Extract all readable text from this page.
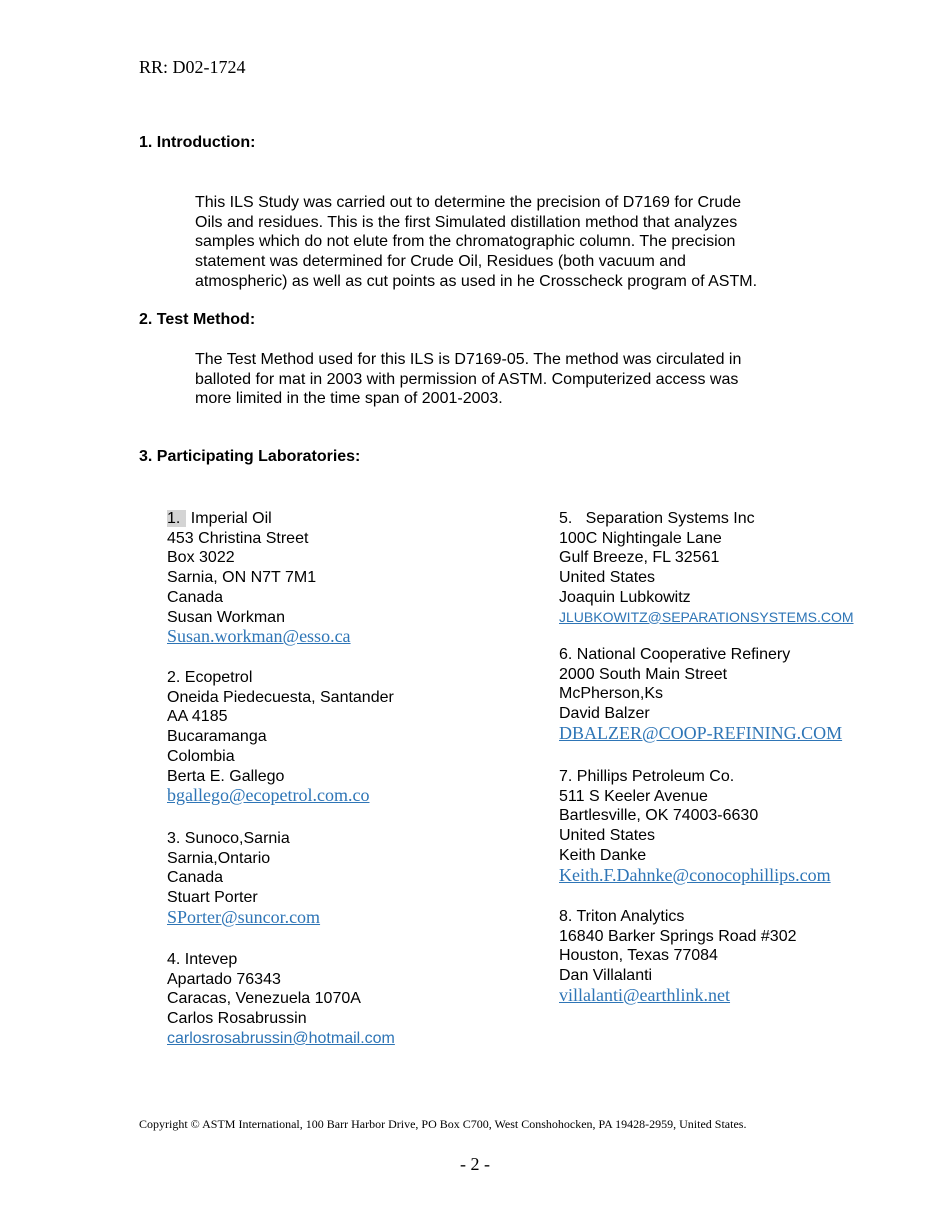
RR: D02-1724
1. Introduction:
This ILS Study was carried out to determine the precision of D7169 for Crude
Oils and residues. This is the first Simulated distillation method that analyzes
samples which do not elute from the chromatographic column. The precision
statement was determined for Crude Oil, Residues (both vacuum and
atmospheric) as well as cut points as used in he Crosscheck program of ASTM.
2. Test Method:
The Test Method used for this ILS is D7169-05. The method was circulated in
balloted for mat in 2003 with permission of ASTM. Computerized access was
more limited in the time span of 2001-2003.
3. Participating Laboratories:
1. Imperial Oil
453 Christina Street
Box 3022
Sarnia, ON N7T 7M1
Canada
Susan Workman
Susan.workman@esso.ca
2. Ecopetrol
Oneida Piedecuesta, Santander
AA 4185
Bucaramanga
Colombia
Berta E. Gallego
bgallego@ecopetrol.com.co
3. Sunoco,Sarnia
Sarnia,Ontario
Canada
Stuart Porter
SPorter@suncor.com
4. Intevep
Apartado 76343
Caracas, Venezuela 1070A
Carlos Rosabrussin
carlosrosabrussin@hotmail.com
5.   Separation Systems Inc
100C Nightingale Lane
Gulf Breeze, FL 32561
United States
Joaquin Lubkowitz
JLUBKOWITZ@SEPARATIONSYSTEMS.COM
6. National Cooperative Refinery
2000 South Main Street
McPherson,Ks
David Balzer
DBALZER@COOP-REFINING.COM
7. Phillips Petroleum Co.
511 S Keeler Avenue
Bartlesville, OK 74003-6630
United States
Keith Danke
Keith.F.Dahnke@conocophillips.com
8. Triton Analytics
16840 Barker Springs Road #302
Houston, Texas 77084
Dan Villalanti
villalanti@earthlink.net
Copyright © ASTM International, 100 Barr Harbor Drive, PO Box C700, West Conshohocken, PA 19428-2959, United States.
- 2 -
